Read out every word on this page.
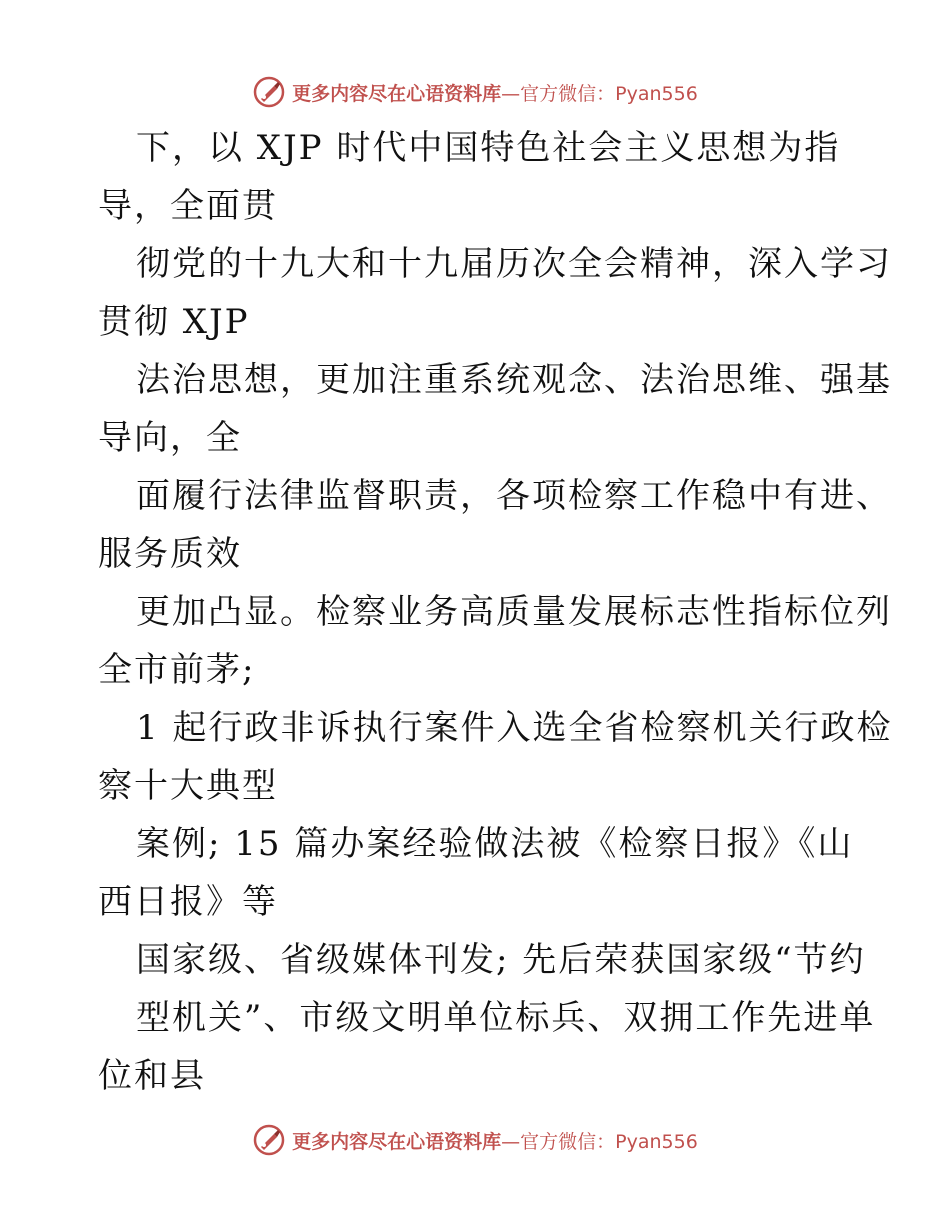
更多内容尽在心语资料库—官方微信：Pyan556
下，以 XJP 时代中国特色社会主义思想为指
导，全面贯
彻党的十九大和十九届历次全会精神，深入学习
贯彻 XJP
法治思想，更加注重系统观念、法治思维、强基
导向，全
面履行法律监督职责，各项检察工作稳中有进、
服务质效
更加凸显。检察业务高质量发展标志性指标位列
全市前茅;
1 起行政非诉执行案件入选全省检察机关行政检
察十大典型
案例; 15 篇办案经验做法被《检察日报》《山
西日报》等
国家级、省级媒体刊发; 先后荣获国家级“节约
型机关”、市级文明单位标兵、双拥工作先进单
位和县
更多内容尽在心语资料库—官方微信：Pyan556
